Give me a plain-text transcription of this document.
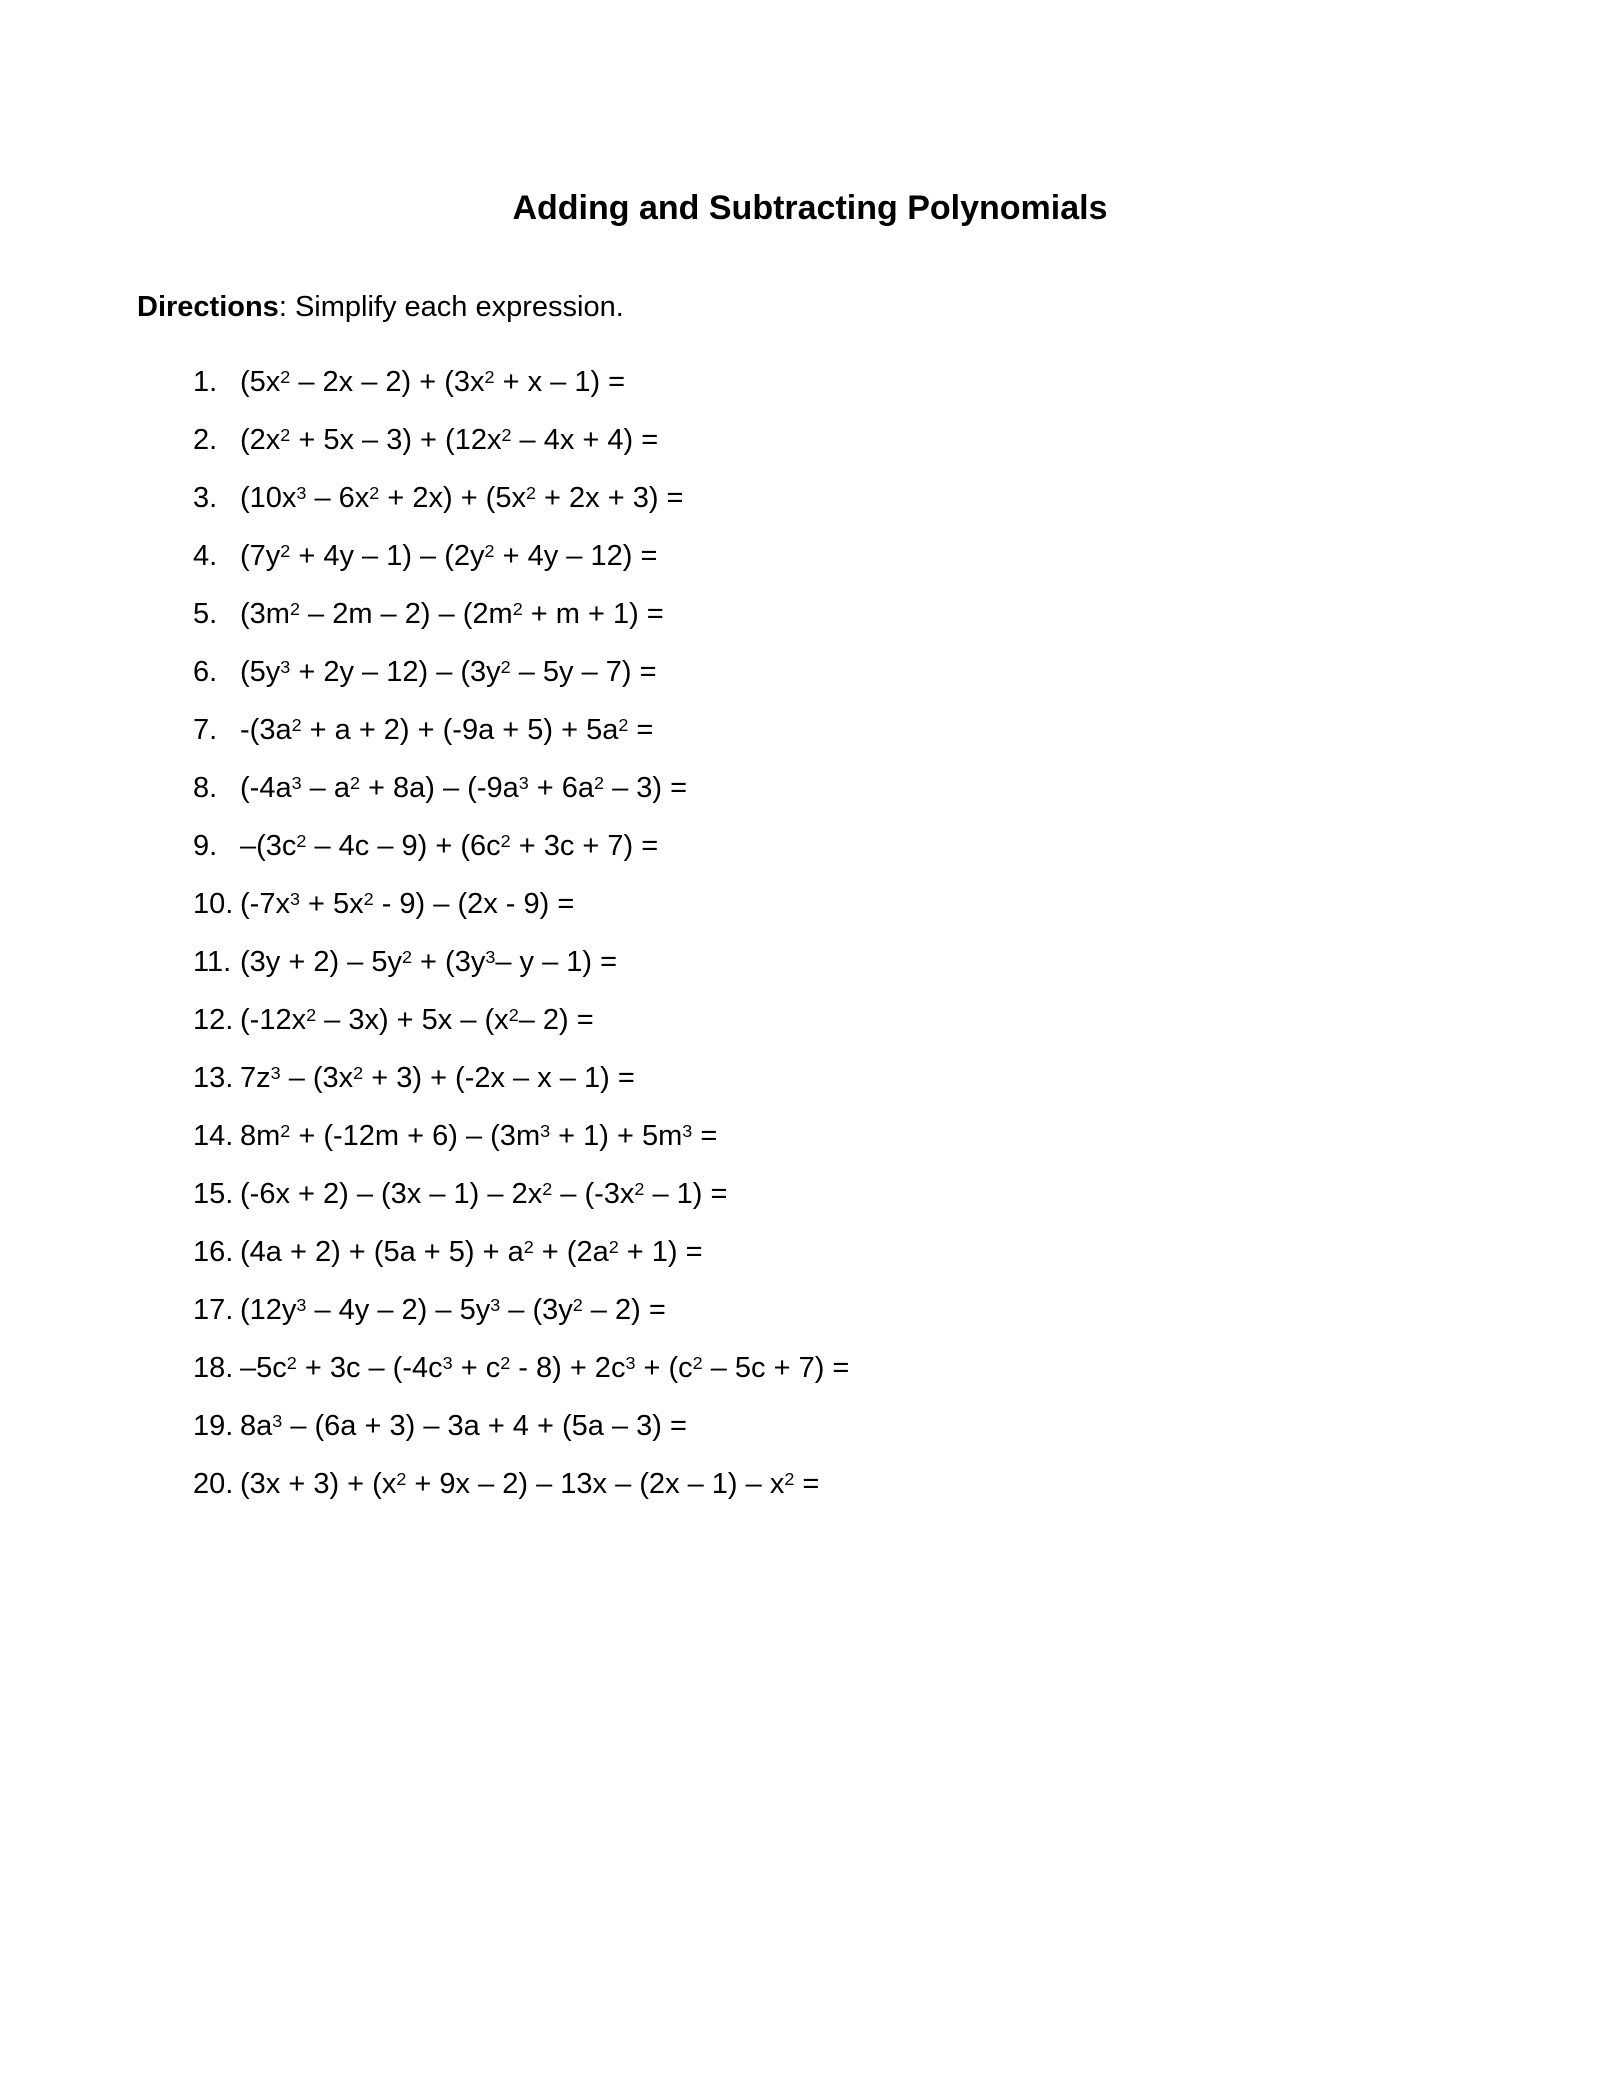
Adding and Subtracting Polynomials
Directions: Simplify each expression.
1. $(5x^2 - 2x - 2) + (3x^2 + x - 1)$ =
2. $(2x^2 + 5x - 3) + (12x^2 - 4x + 4)$ =
3. $(10x^3 - 6x^2 + 2x) + (5x^2 + 2x + 3)$ =
4. $(7y^2 + 4y - 1) - (2y^2 + 4y - 12)$ =
5. $(3m^2 - 2m - 2) - (2m^2 + m + 1)$ =
6. $(5y^3 + 2y - 12) - (3y^2 - 5y - 7)$ =
7. $-(3a^2 + a + 2) + (-9a + 5) + 5a^2$ =
8. $(-4a^3 - a^2 + 8a) - (-9a^3 + 6a^2 - 3)$ =
9. $-(3c^2 - 4c - 9) + (6c^2 + 3c + 7)$ =
10. $(-7x^3 + 5x^2 - 9) - (2x - 9)$ =
11. $(3y + 2) - 5y^2 + (3y^3-$ y – 1) =
12. $(-12x^2 - 3x) + 5x - (x^2-$ 2) =
13. $7z^3 - (3x^2 + 3) + (-2x - x - 1)$ =
14. $8m^2 + (-12m + 6) - (3m^3 + 1) + 5m^3$ =
15. $(-6x + 2) - (3x - 1) - 2x^2 - (-3x^2 - 1)$ =
16. $(4a + 2) + (5a + 5) + a^2 + (2a^2 + 1)$ =
17. $(12y^3 - 4y - 2) - 5y^3 - (3y^2 - 2)$ =
18. $-5c^2 + 3c - (-4c^3 + c^2 - 8) + 2c^3 + (c^2 - 5c + 7)$ =
19. $8a^3 - (6a + 3) - 3a + 4 + (5a - 3)$ =
20. $(3x + 3) + (x^2 + 9x - 2) - 13x - (2x - 1) - x^2$ =
